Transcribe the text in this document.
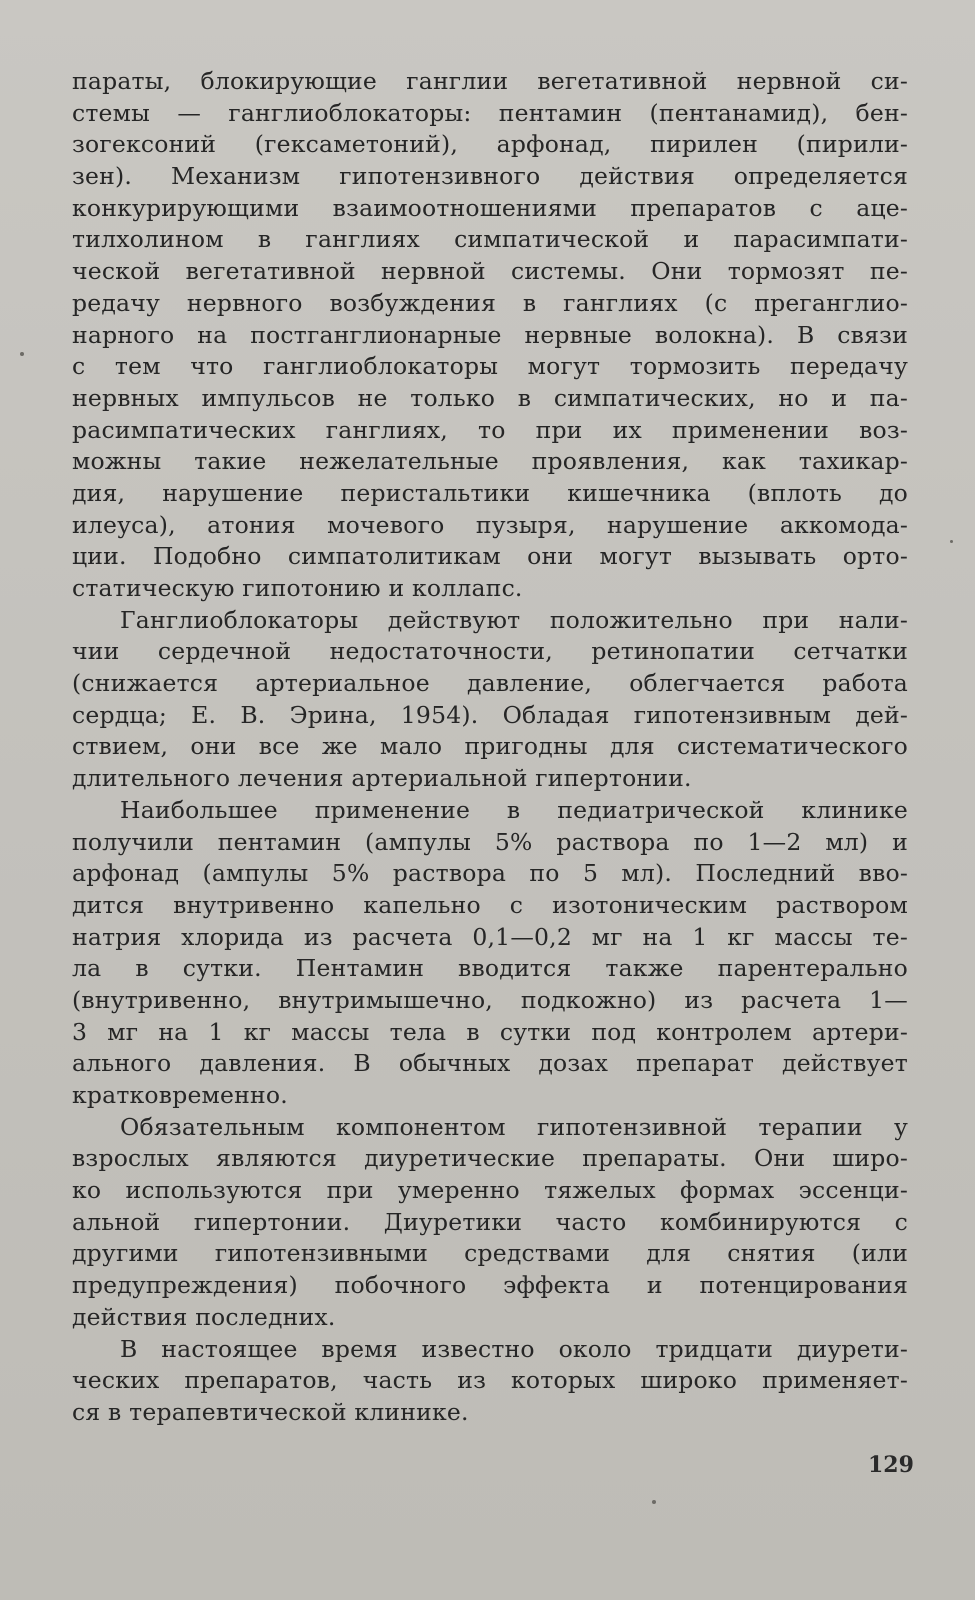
параты, блокирующие ганглии вегетативной нервной си-
стемы — ганглиоблокаторы: пентамин (пентанамид), бен-
зогексоний (гексаметоний), арфонад, пирилен (пирили-
зен). Механизм гипотензивного действия определяется
конкурирующими взаимоотношениями препаратов с аце-
тилхолином в ганглиях симпатической и парасимпати-
ческой вегетативной нервной системы. Они тормозят пе-
редачу нервного возбуждения в ганглиях (с преганглио-
нарного на постганглионарные нервные волокна). В связи
с тем что ганглиоблокаторы могут тормозить передачу
нервных импульсов не только в симпатических, но и па-
расимпатических ганглиях, то при их применении воз-
можны такие нежелательные проявления, как тахикар-
дия, нарушение перистальтики кишечника (вплоть до
илеуса), атония мочевого пузыря, нарушение аккомода-
ции. Подобно симпатолитикам они могут вызывать орто-
статическую гипотонию и коллапс.
Ганглиоблокаторы действуют положительно при нали-
чии сердечной недостаточности, ретинопатии сетчатки
(снижается артериальное давление, облегчается работа
сердца; Е. В. Эрина, 1954). Обладая гипотензивным дей-
ствием, они все же мало пригодны для систематического
длительного лечения артериальной гипертонии.
Наибольшее применение в педиатрической клинике
получили пентамин (ампулы 5% раствора по 1—2 мл) и
арфонад (ампулы 5% раствора по 5 мл). Последний вво-
дится внутривенно капельно с изотоническим раствором
натрия хлорида из расчета 0,1—0,2 мг на 1 кг массы те-
ла в сутки. Пентамин вводится также парентерально
(внутривенно, внутримышечно, подкожно) из расчета 1—
3 мг на 1 кг массы тела в сутки под контролем артери-
ального давления. В обычных дозах препарат действует
кратковременно.
Обязательным компонентом гипотензивной терапии у
взрослых являются диуретические препараты. Они широ-
ко используются при умеренно тяжелых формах эссенци-
альной гипертонии. Диуретики часто комбинируются с
другими гипотензивными средствами для снятия (или
предупреждения) побочного эффекта и потенцирования
действия последних.
В настоящее время известно около тридцати диурети-
ческих препаратов, часть из которых широко применяет-
ся в терапевтической клинике.
129
